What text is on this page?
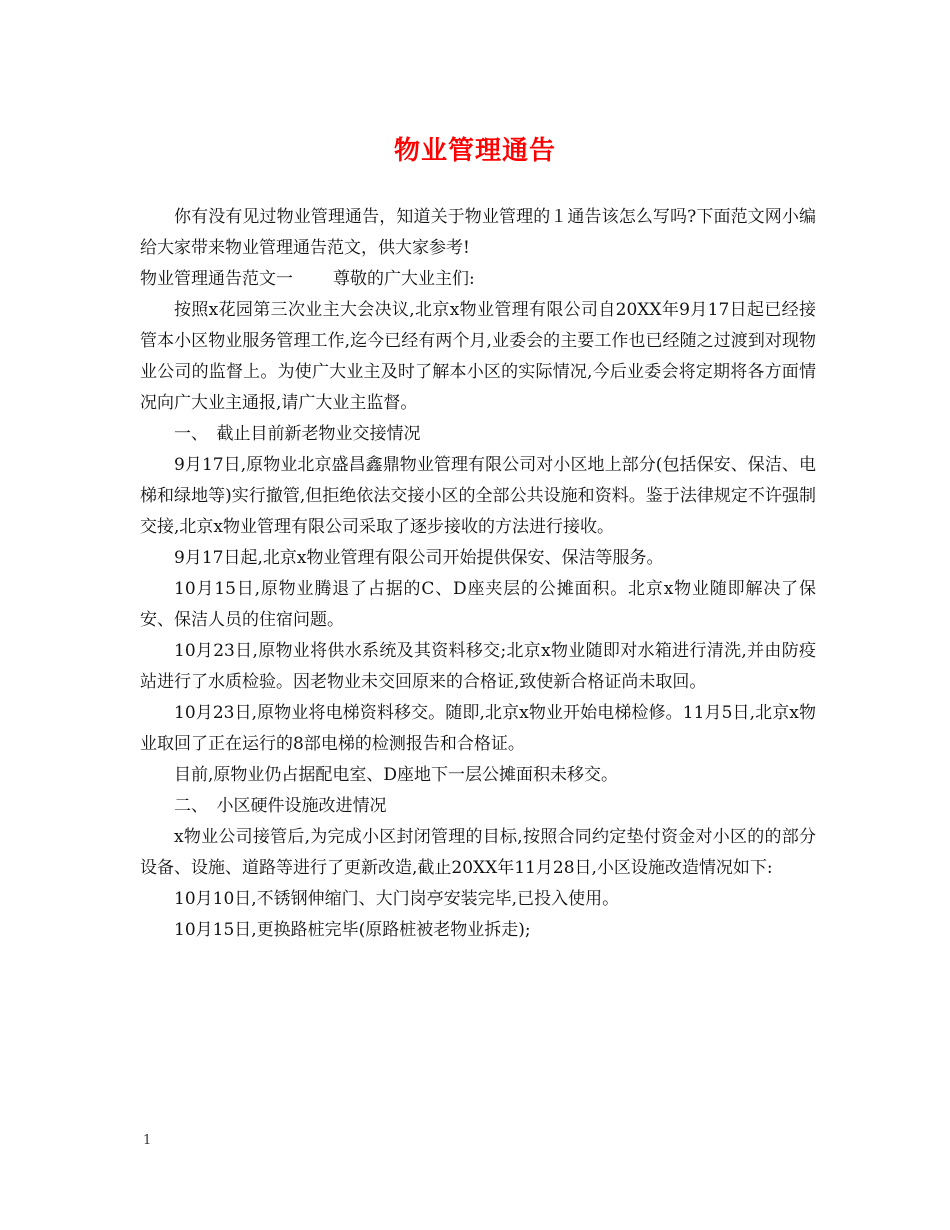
物业管理通告

你有没有见过物业管理通告，知道关于物业管理的１通告该怎么写吗?下面范文网小编给大家带来物业管理通告范文，供大家参考!

物业管理通告范文一 尊敬的广大业主们:

按照x花园第三次业主大会决议,北京x物业管理有限公司自20XX年9月17日起已经接管本小区物业服务管理工作,迄今已经有两个月,业委会的主要工作也已经随之过渡到对现物业公司的监督上。为使广大业主及时了解本小区的实际情况,今后业委会将定期将各方面情况向广大业主通报,请广大业主监督。

一、　截止目前新老物业交接情况

9月17日,原物业北京盛昌鑫鼎物业管理有限公司对小区地上部分(包括保安、保洁、电梯和绿地等)实行撤管,但拒绝依法交接小区的全部公共设施和资料。鉴于法律规定不许强制交接,北京x物业管理有限公司采取了逐步接收的方法进行接收。

9月17日起,北京x物业管理有限公司开始提供保安、保洁等服务。

10月15日,原物业腾退了占据的C、D座夹层的公摊面积。北京x物业随即解决了保安、保洁人员的住宿问题。

10月23日,原物业将供水系统及其资料移交;北京x物业随即对水箱进行清洗,并由防疫站进行了水质检验。因老物业未交回原来的合格证,致使新合格证尚未取回。

10月23日,原物业将电梯资料移交。随即,北京x物业开始电梯检修。11月5日,北京x物业取回了正在运行的8部电梯的检测报告和合格证。

目前,原物业仍占据配电室、D座地下一层公摊面积未移交。

二、　小区硬件设施改进情况

x物业公司接管后,为完成小区封闭管理的目标,按照合同约定垫付资金对小区的的部分设备、设施、道路等进行了更新改造,截止20XX年11月28日,小区设施改造情况如下:

10月10日,不锈钢伸缩门、大门岗亭安装完毕,已投入使用。

10月15日,更换路桩完毕(原路桩被老物业拆走);

1
